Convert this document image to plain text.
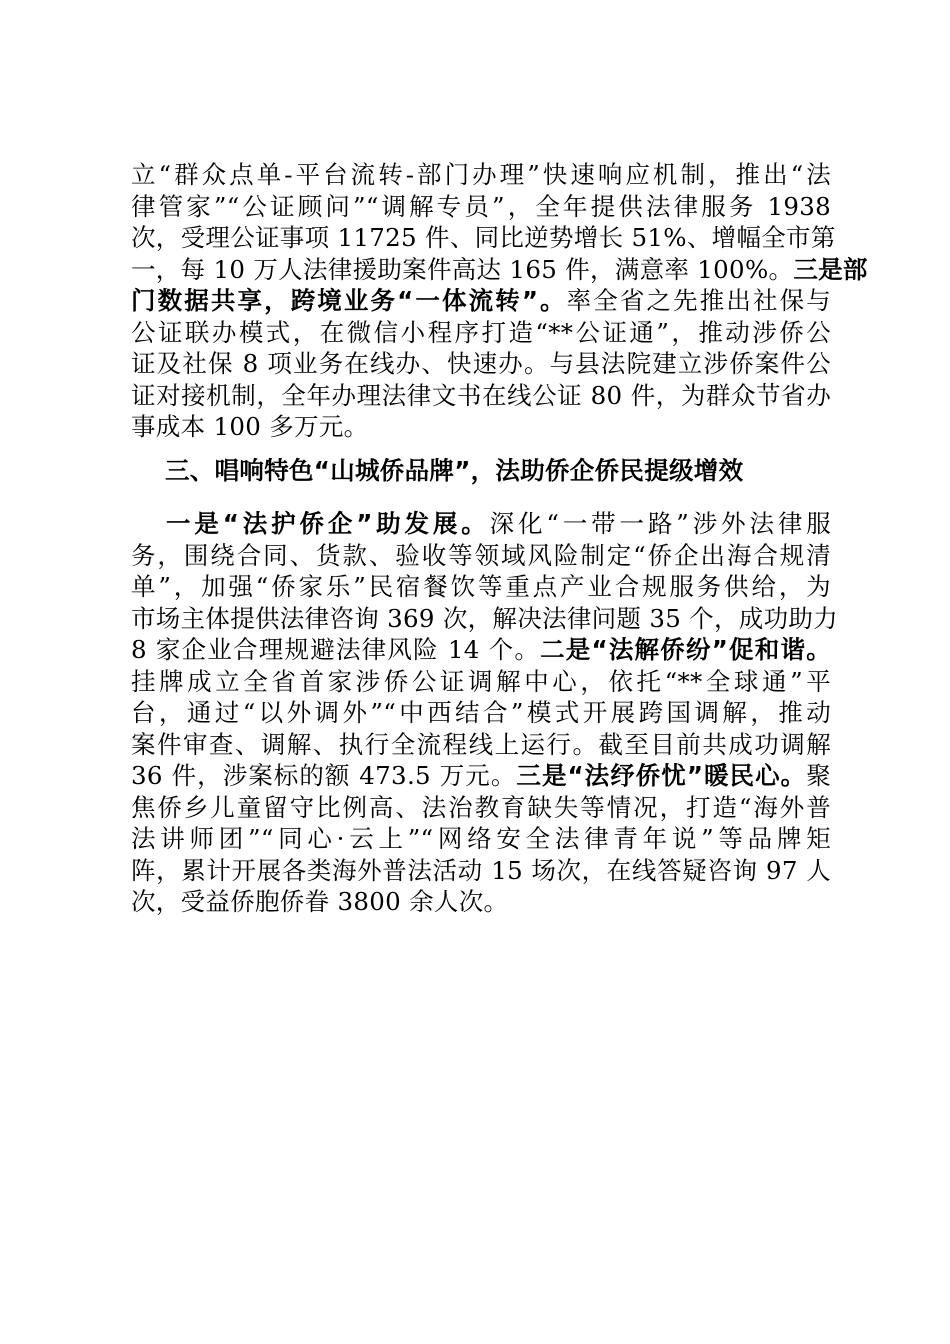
立“群众点单-平台流转-部门办理”快速响应机制，推出“法
律管家”“公证顾问”“调解专员”，全年提供法律服务 1938
次，受理公证事项 11725 件、同比逆势增长 51%、增幅全市第
一，每 10 万人法律援助案件高达 165 件，满意率 100%。三是部
门数据共享，跨境业务“一体流转”。率全省之先推出社保与
公证联办模式，在微信小程序打造“**公证通”，推动涉侨公
证及社保 8 项业务在线办、快速办。与县法院建立涉侨案件公
证对接机制，全年办理法律文书在线公证 80 件，为群众节省办
事成本 100 多万元。
三、唱响特色“山城侨品牌”，法助侨企侨民提级增效
一是“法护侨企”助发展。深化“一带一路”涉外法律服
务，围绕合同、货款、验收等领域风险制定“侨企出海合规清
单”，加强“侨家乐”民宿餐饮等重点产业合规服务供给，为
市场主体提供法律咨询 369 次，解决法律问题 35 个，成功助力
8 家企业合理规避法律风险 14 个。二是“法解侨纷”促和谐。
挂牌成立全省首家涉侨公证调解中心，依托“**全球通”平
台，通过“以外调外”“中西结合”模式开展跨国调解，推动
案件审查、调解、执行全流程线上运行。截至目前共成功调解
36 件，涉案标的额 473.5 万元。三是“法纾侨忧”暖民心。聚
焦侨乡儿童留守比例高、法治教育缺失等情况，打造“海外普
法讲师团”“同心·云上”“网络安全法律青年说”等品牌矩
阵，累计开展各类海外普法活动 15 场次，在线答疑咨询 97 人
次，受益侨胞侨眷 3800 余人次。
